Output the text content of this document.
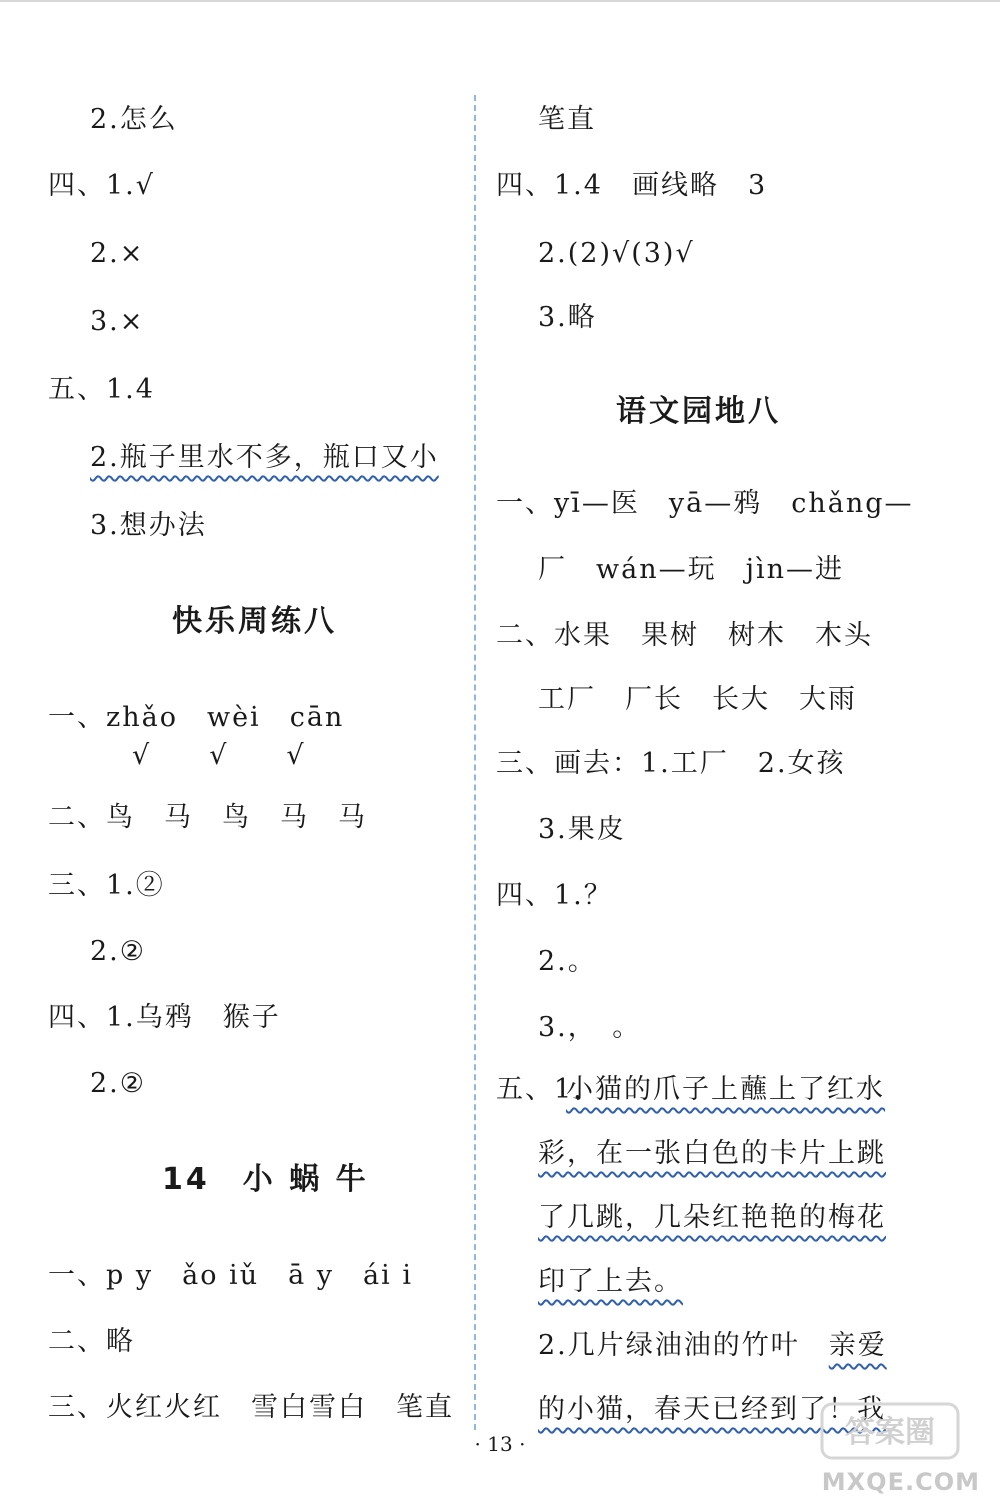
2.怎么
四、1.√
2.×
3.×
五、1.4
2.瓶子里水不多，瓶口又小
3.想办法
快乐周练八
一、zhǎo　wèi　cān
√　　√　　√
二、鸟　马　鸟　马　马
三、1.②
2.②
四、1.乌鸦　猴子
2.②
14　小 蜗 牛
一、p y　ǎo iǔ　ā y　ái i
二、略
三、火红火红　雪白雪白　笔直
笔直
四、1.4　画线略　3
2.(2)√(3)√
3.略
语文园地八
一、yī—医　yā—鸦　chǎng—
厂　wán—玩　jìn—进
二、水果　果树　树木　木头
工厂　厂长　长大　大雨
三、画去：1.工厂　2.女孩
3.果皮
四、1.？
2.。
3.，　。
五、1.
小猫的爪子上蘸上了红水
彩，在一张白色的卡片上跳
了几跳，几朵红艳艳的梅花
印了上去。
2.几片绿油油的竹叶　亲爱
的小猫，春天已经到了！我
· 13 ·	答案圈
MXQE.COM
